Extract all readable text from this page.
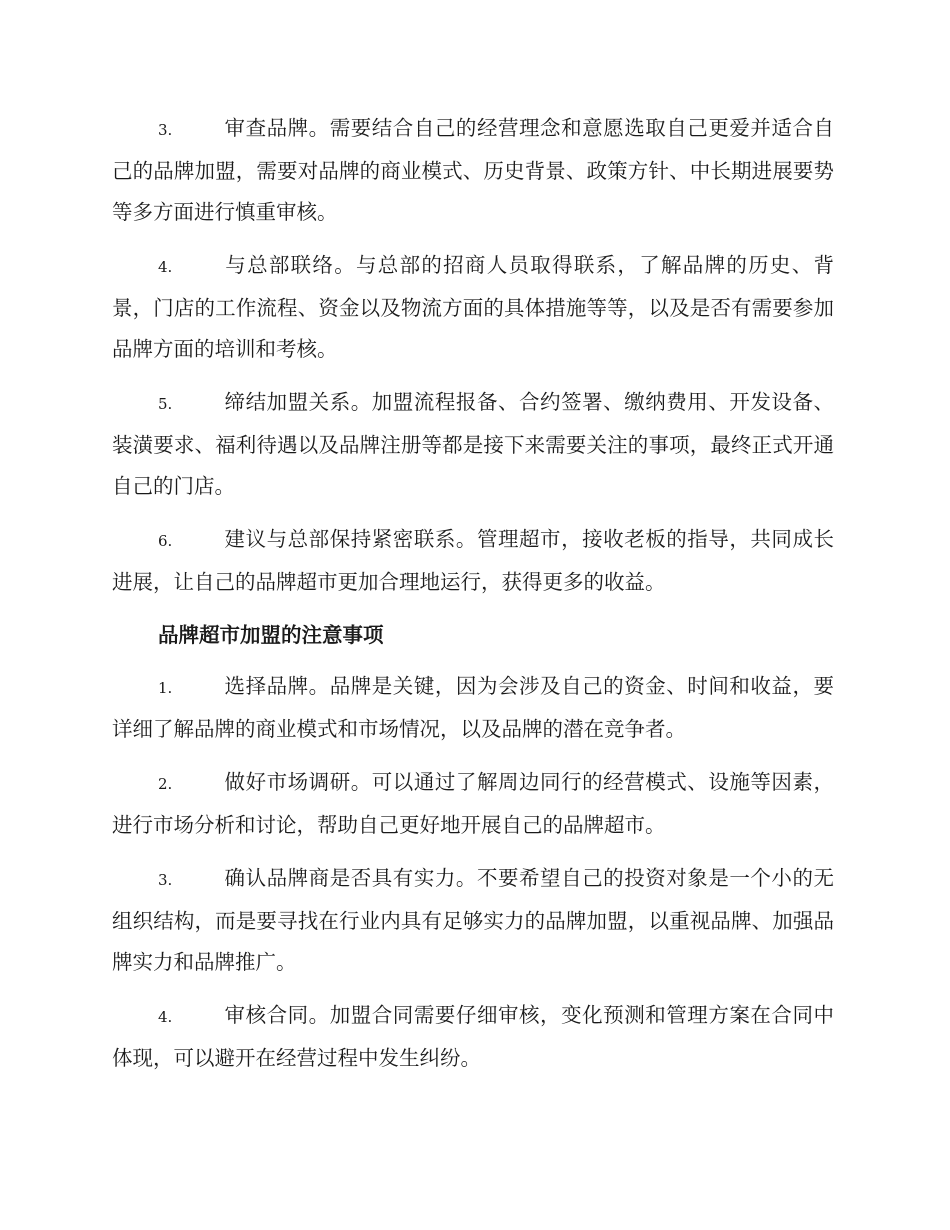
3.	审查品牌。需要结合自己的经营理念和意愿选取自己更爱并适合自己的品牌加盟，需要对品牌的商业模式、历史背景、政策方针、中长期进展要势等多方面进行慎重审核。

4.	与总部联络。与总部的招商人员取得联系，了解品牌的历史、背景，门店的工作流程、资金以及物流方面的具体措施等等，以及是否有需要参加品牌方面的培训和考核。

5.	缔结加盟关系。加盟流程报备、合约签署、缴纳费用、开发设备、装潢要求、福利待遇以及品牌注册等都是接下来需要关注的事项，最终正式开通自己的门店。

6.	建议与总部保持紧密联系。管理超市，接收老板的指导，共同成长进展，让自己的品牌超市更加合理地运行，获得更多的收益。

品牌超市加盟的注意事项

1.	选择品牌。品牌是关键，因为会涉及自己的资金、时间和收益，要详细了解品牌的商业模式和市场情况，以及品牌的潜在竞争者。

2.	做好市场调研。可以通过了解周边同行的经营模式、设施等因素，进行市场分析和讨论，帮助自己更好地开展自己的品牌超市。

3.	确认品牌商是否具有实力。不要希望自己的投资对象是一个小的无组织结构，而是要寻找在行业内具有足够实力的品牌加盟，以重视品牌、加强品牌实力和品牌推广。

4.	审核合同。加盟合同需要仔细审核，变化预测和管理方案在合同中体现，可以避开在经营过程中发生纠纷。
